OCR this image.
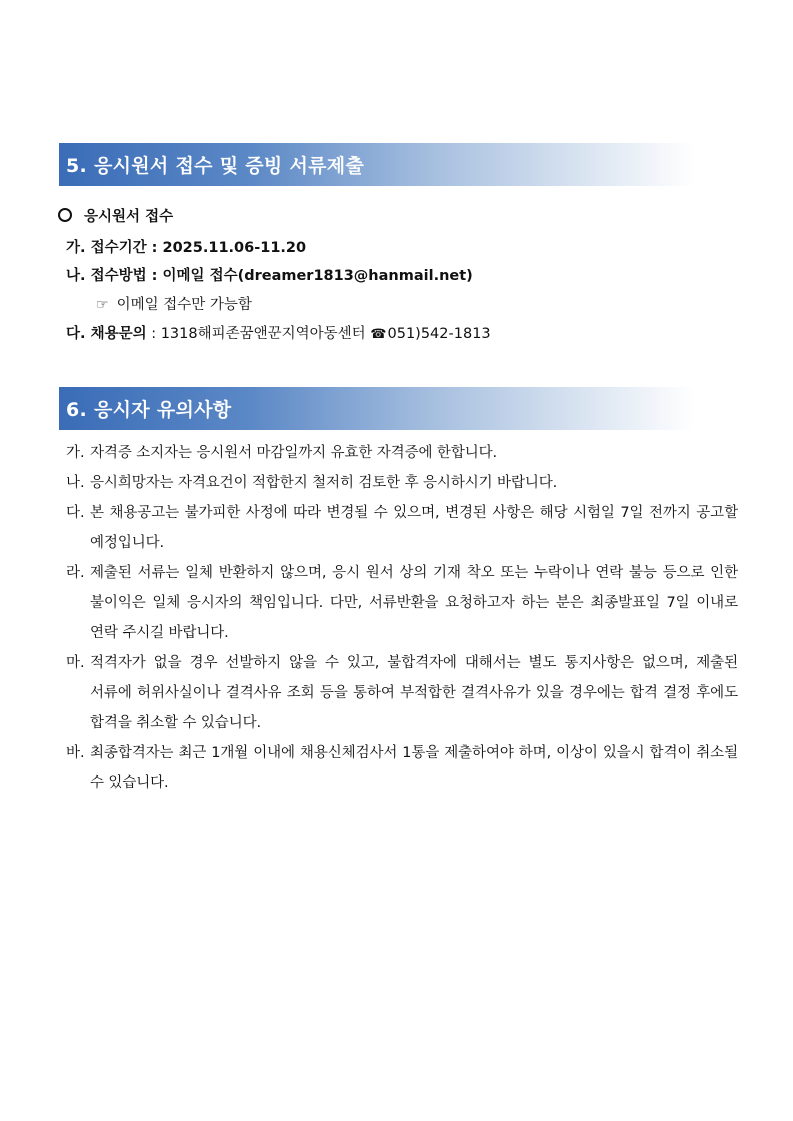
5. 응시원서 접수 및 증빙 서류제출
응시원서 접수
가. 접수기간 : 2025.11.06-11.20
나. 접수방법 : 이메일 접수(dreamer1813@hanmail.net)
☞ 이메일 접수만 가능함
다. 채용문의 : 1318해피존꿈앤꾼지역아동센터 ☎051)542-1813
6. 응시자 유의사항
가. 자격증 소지자는 응시원서 마감일까지 유효한 자격증에 한합니다.
나. 응시희망자는 자격요건이 적합한지 철저히 검토한 후 응시하시기 바랍니다.
다. 본 채용공고는 불가피한 사정에 따라 변경될 수 있으며, 변경된 사항은 해당 시험일 7일 전까지 공고할 예정입니다.
라. 제출된 서류는 일체 반환하지 않으며, 응시 원서 상의 기재 착오 또는 누락이나 연락 불능 등으로 인한 불이익은 일체 응시자의 책임입니다. 다만, 서류반환을 요청하고자 하는 분은 최종발표일 7일 이내로 연락 주시길 바랍니다.
마. 적격자가 없을 경우 선발하지 않을 수 있고, 불합격자에 대해서는 별도 통지사항은 없으며, 제출된 서류에 허위사실이나 결격사유 조회 등을 통하여 부적합한 결격사유가 있을 경우에는 합격 결정 후에도 합격을 취소할 수 있습니다.
바. 최종합격자는 최근 1개월 이내에 채용신체검사서 1통을 제출하여야 하며, 이상이 있을시 합격이 취소될 수 있습니다.
